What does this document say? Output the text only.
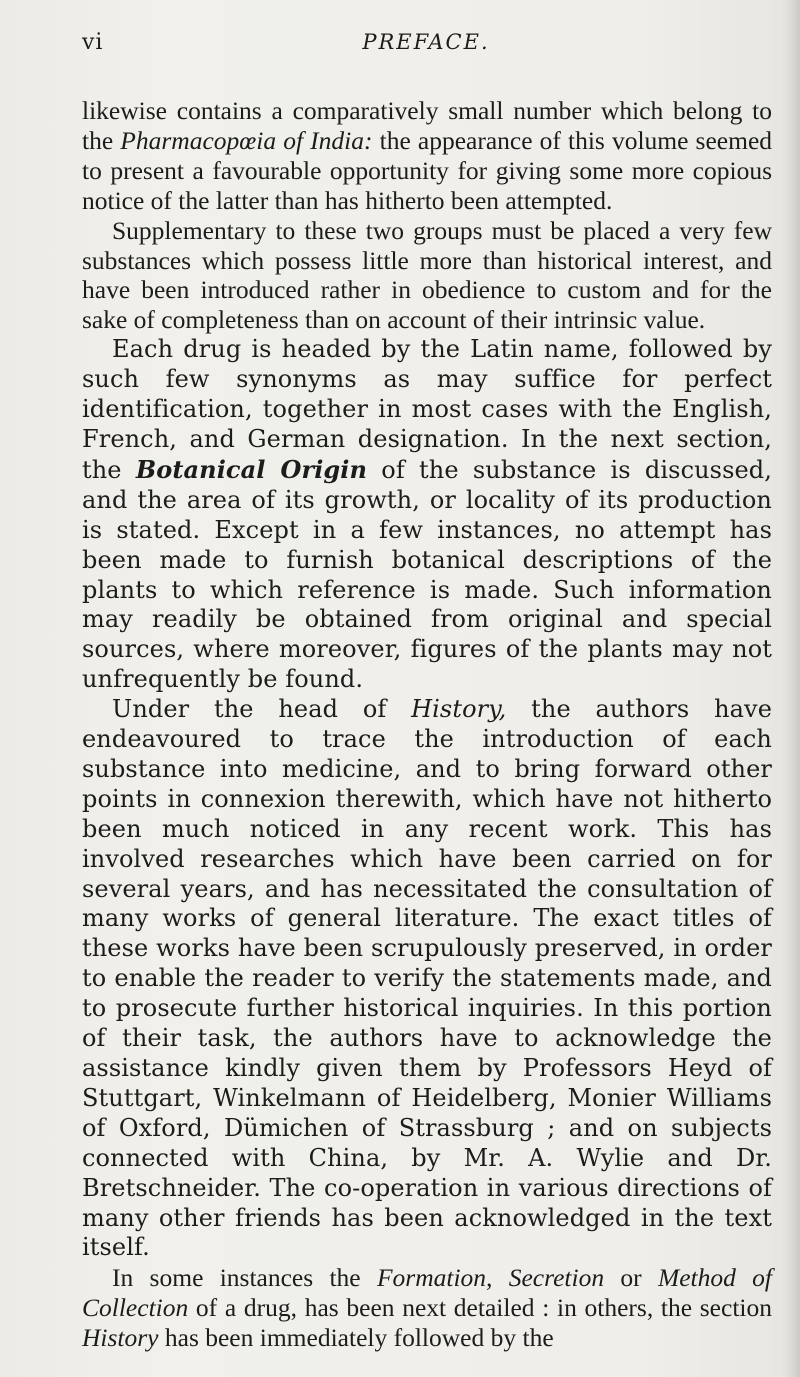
vi	PREFACE.

likewise contains a comparatively small number which belong to the Pharmacopœia of India: the appearance of this volume seemed to present a favourable opportunity for giving some more copious notice of the latter than has hitherto been attempted.

Supplementary to these two groups must be placed a very few substances which possess little more than historical interest, and have been introduced rather in obedience to custom and for the sake of completeness than on account of their intrinsic value.

Each drug is headed by the Latin name, followed by such few synonyms as may suffice for perfect identification, together in most cases with the English, French, and German designation. In the next section, the Botanical Origin of the substance is discussed, and the area of its growth, or locality of its production is stated. Except in a few instances, no attempt has been made to furnish botanical descriptions of the plants to which reference is made. Such information may readily be obtained from original and special sources, where moreover, figures of the plants may not unfrequently be found.

Under the head of History, the authors have endeavoured to trace the introduction of each substance into medicine, and to bring forward other points in connexion therewith, which have not hitherto been much noticed in any recent work. This has involved researches which have been carried on for several years, and has necessitated the consultation of many works of general literature. The exact titles of these works have been scrupulously preserved, in order to enable the reader to verify the statements made, and to prosecute further historical inquiries. In this portion of their task, the authors have to acknowledge the assistance kindly given them by Professors Heyd of Stuttgart, Winkelmann of Heidelberg, Monier Williams of Oxford, Dümichen of Strassburg ; and on subjects connected with China, by Mr. A. Wylie and Dr. Bretschneider. The co-operation in various directions of many other friends has been acknowledged in the text itself.

In some instances the Formation, Secretion or Method of Collection of a drug, has been next detailed : in others, the section History has been immediately followed by the
